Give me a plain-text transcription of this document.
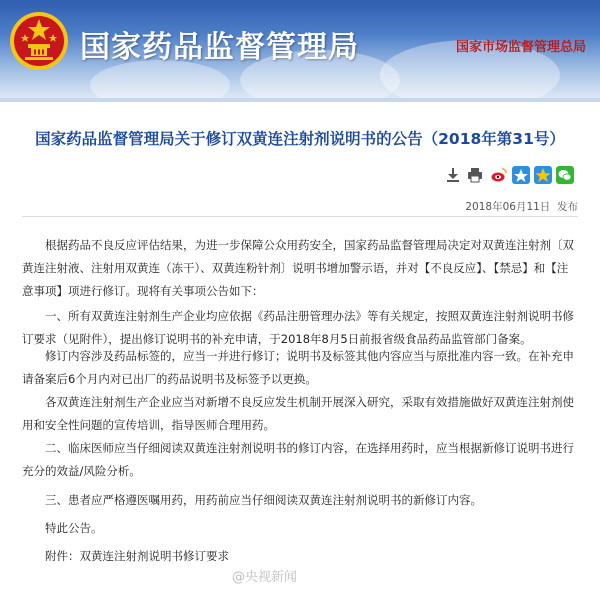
国家药品监督管理局	国家市场监督管理总局
国家药品监督管理局关于修订双黄连注射剂说明书的公告（2018年第31号）
2018年06月11日 发布

根据药品不良反应评估结果，为进一步保障公众用药安全，国家药品监督管理局决定对双黄连注射剂〔双黄连注射液、注射用双黄连（冻干）、双黄连粉针剂〕说明书增加警示语，并对【不良反应】、【禁忌】和【注意事项】项进行修订。现将有关事项公告如下：

一、所有双黄连注射剂生产企业均应依据《药品注册管理办法》等有关规定，按照双黄连注射剂说明书修订要求（见附件），提出修订说明书的补充申请，于2018年8月5日前报省级食品药品监管部门备案。

修订内容涉及药品标签的，应当一并进行修订；说明书及标签其他内容应当与原批准内容一致。在补充申请备案后6个月内对已出厂的药品说明书及标签予以更换。

各双黄连注射剂生产企业应当对新增不良反应发生机制开展深入研究，采取有效措施做好双黄连注射剂使用和安全性问题的宣传培训，指导医师合理用药。

二、临床医师应当仔细阅读双黄连注射剂说明书的修订内容，在选择用药时，应当根据新修订说明书进行充分的效益/风险分析。

三、患者应严格遵医嘱用药，用药前应当仔细阅读双黄连注射剂说明书的新修订内容。

特此公告。

附件：双黄连注射剂说明书修订要求

@央视新闻
